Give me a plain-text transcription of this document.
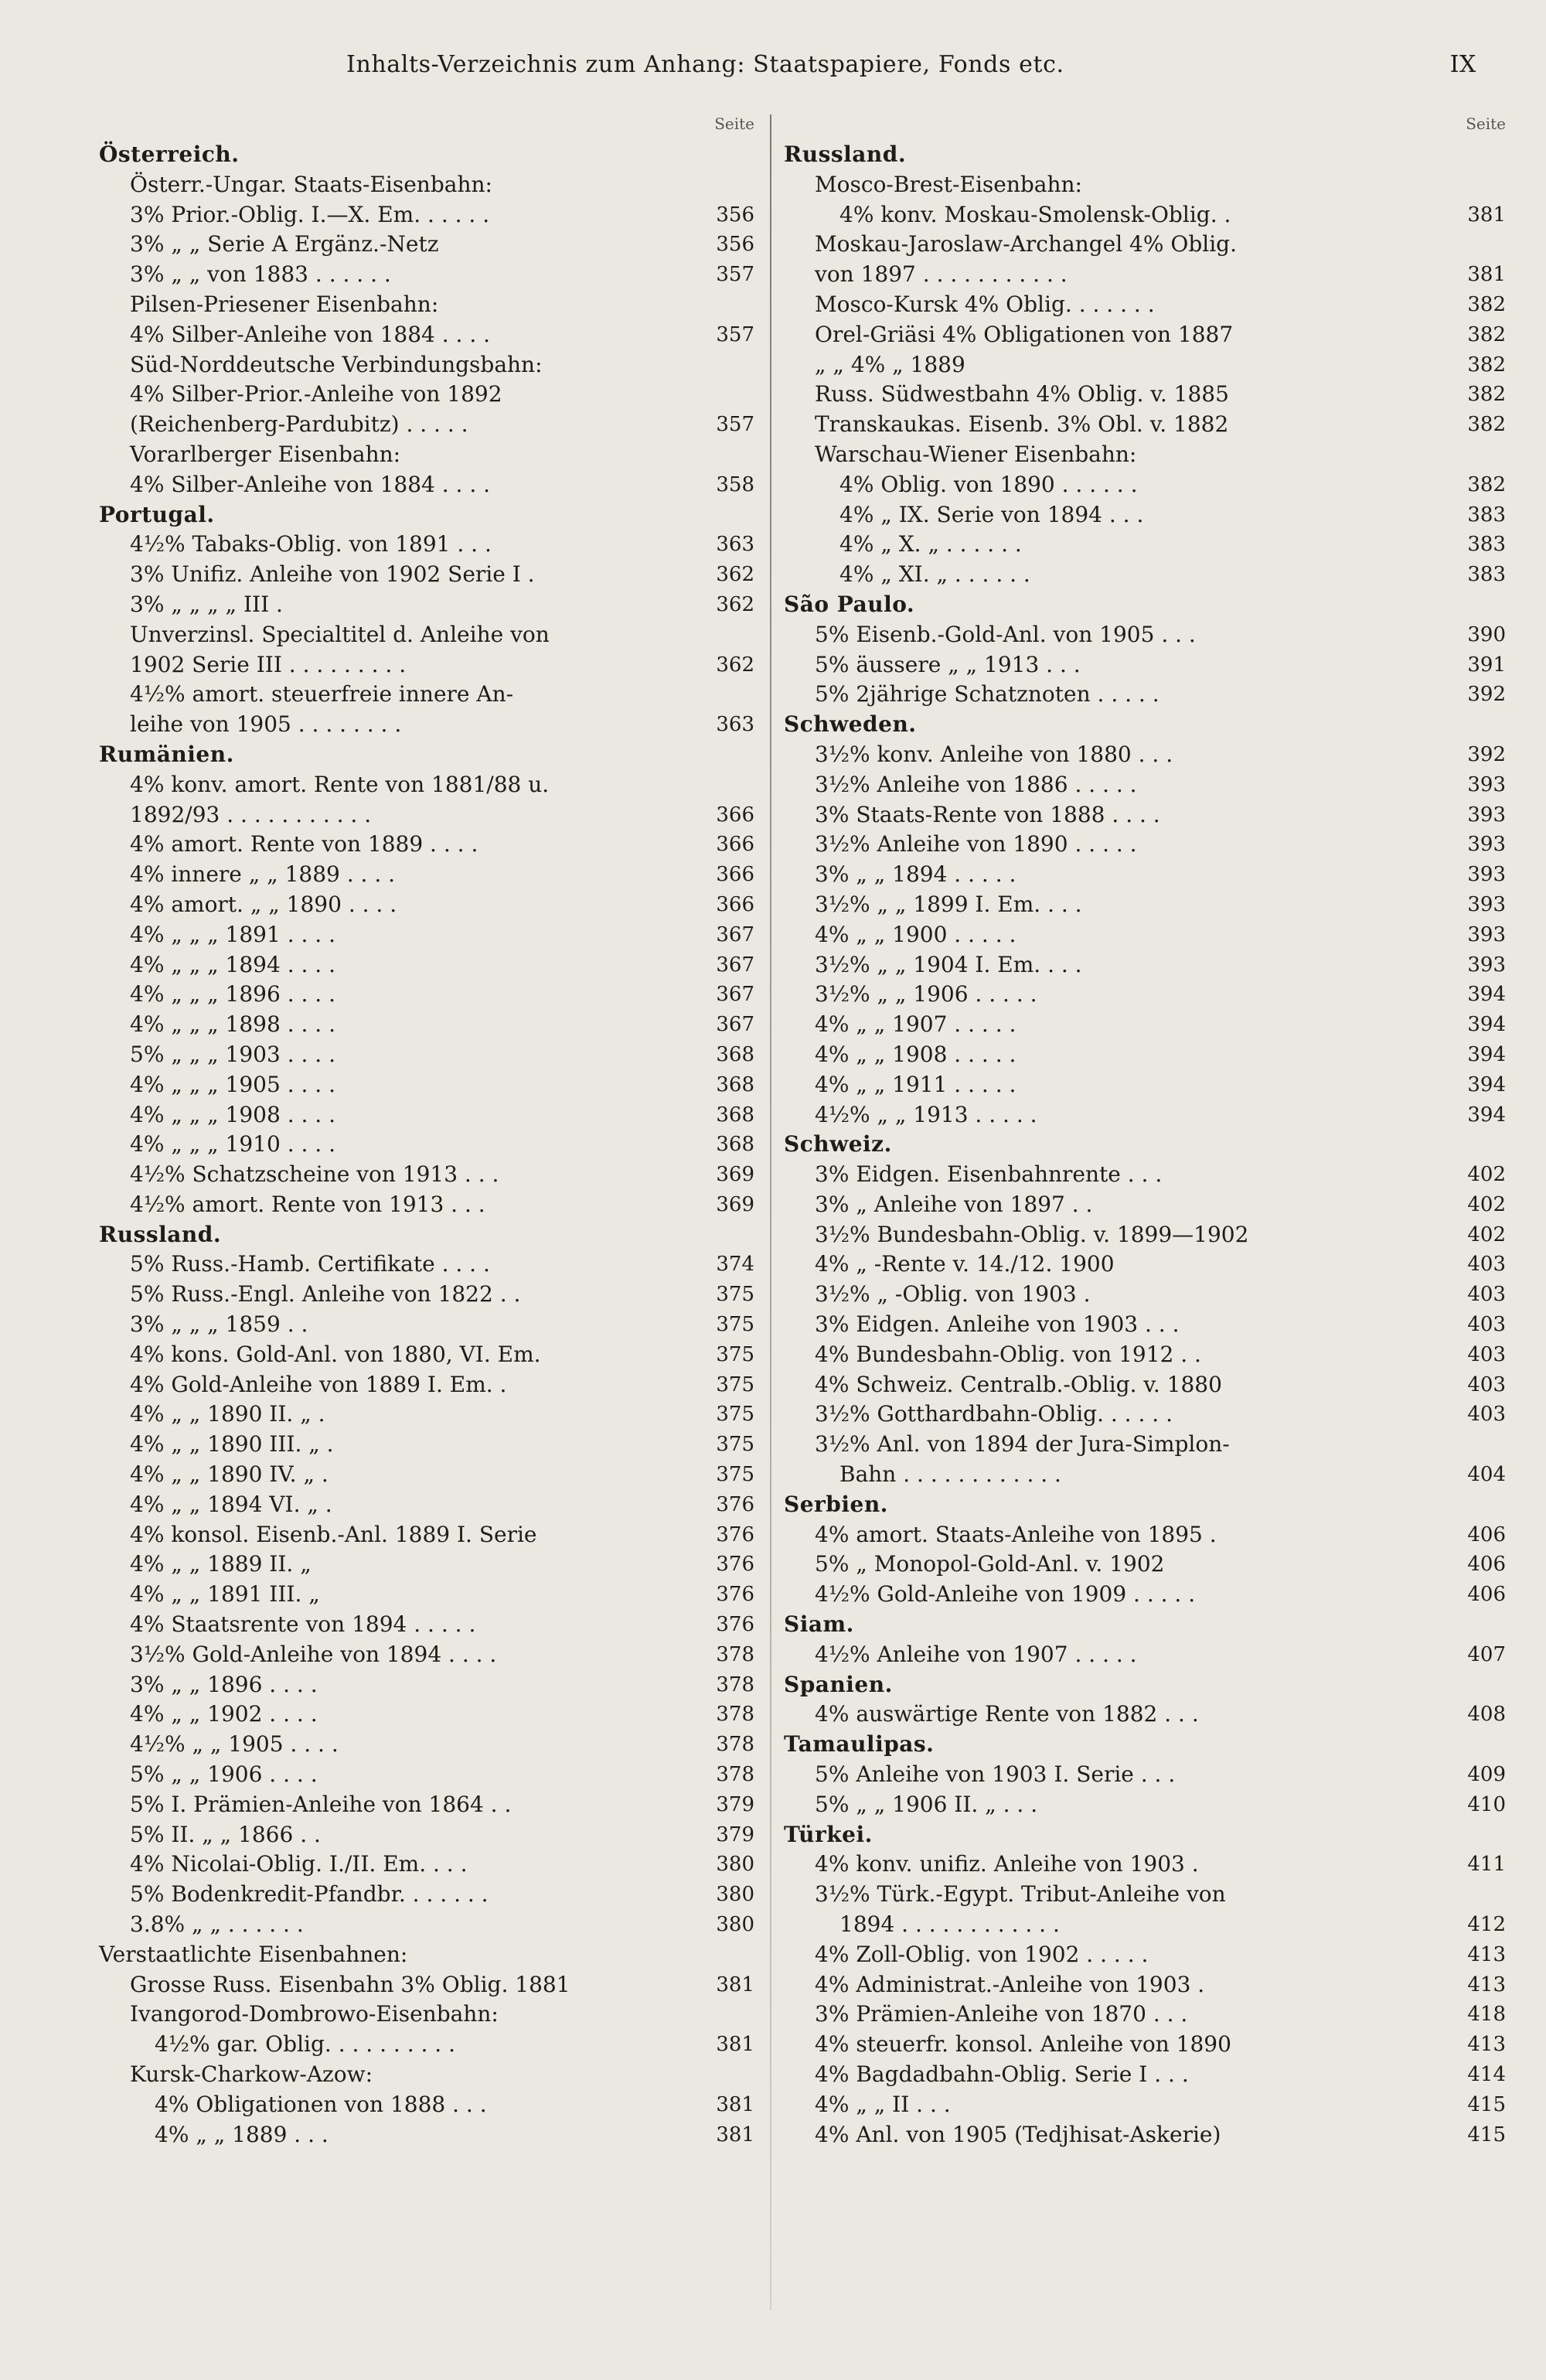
Inhalts-Verzeichnis zum Anhang: Staatspapiere, Fonds etc.	IX
Seite
Österreich.
Österr.-Ungar. Staats-Eisenbahn:
3% Prior.-Oblig. I.—X. Em. . . . . .	356
3% „ „ Serie A Ergänz.-Netz	356
3% „ „ von 1883 . . . . . .	357
Pilsen-Priesener Eisenbahn:
4% Silber-Anleihe von 1884 . . . .	357
Süd-Norddeutsche Verbindungsbahn:
4% Silber-Prior.-Anleihe von 1892
(Reichenberg-Pardubitz) . . . . .	357
Vorarlberger Eisenbahn:
4% Silber-Anleihe von 1884 . . . .	358
Portugal.
4½% Tabaks-Oblig. von 1891 . . .	363
3% Unifiz. Anleihe von 1902 Serie I .	362
3% „ „ „ „ III .	362
Unverzinsl. Specialtitel d. Anleihe von
1902 Serie III . . . . . . . . .	362
4½% amort. steuerfreie innere An-
leihe von 1905 . . . . . . . .	363
Rumänien.
4% konv. amort. Rente von 1881/88 u.
1892/93 . . . . . . . . . . .	366
4% amort. Rente von 1889 . . . .	366
4% innere „ „ 1889 . . . .	366
4% amort. „ „ 1890 . . . .	366
4% „ „ „ 1891 . . . .	367
4% „ „ „ 1894 . . . .	367
4% „ „ „ 1896 . . . .	367
4% „ „ „ 1898 . . . .	367
5% „ „ „ 1903 . . . .	368
4% „ „ „ 1905 . . . .	368
4% „ „ „ 1908 . . . .	368
4% „ „ „ 1910 . . . .	368
4½% Schatzscheine von 1913 . . .	369
4½% amort. Rente von 1913 . . .	369
Russland.
5% Russ.-Hamb. Certifikate . . . .	374
5% Russ.-Engl. Anleihe von 1822 . .	375
3% „ „ „ 1859 . .	375
4% kons. Gold-Anl. von 1880, VI. Em.	375
4% Gold-Anleihe von 1889 I. Em. .	375
4% „ „ 1890 II. „ .	375
4% „ „ 1890 III. „ .	375
4% „ „ 1890 IV. „ .	375
4% „ „ 1894 VI. „ .	376
4% konsol. Eisenb.-Anl. 1889 I. Serie	376
4% „ „ 1889 II. „	376
4% „ „ 1891 III. „	376
4% Staatsrente von 1894 . . . . .	376
3½% Gold-Anleihe von 1894 . . . .	378
3% „ „ 1896 . . . .	378
4% „ „ 1902 . . . .	378
4½% „ „ 1905 . . . .	378
5% „ „ 1906 . . . .	378
5% I. Prämien-Anleihe von 1864 . .	379
5% II. „ „ 1866 . .	379
4% Nicolai-Oblig. I./II. Em. . . .	380
5% Bodenkredit-Pfandbr. . . . . . .	380
3.8% „ „ . . . . . .	380
Verstaatlichte Eisenbahnen:
Grosse Russ. Eisenbahn 3% Oblig. 1881	381
Ivangorod-Dombrowo-Eisenbahn:
4½% gar. Oblig. . . . . . . . . .	381
Kursk-Charkow-Azow:
4% Obligationen von 1888 . . .	381
4% „ „ 1889 . . .	381
Seite
Russland.
Mosco-Brest-Eisenbahn:
4% konv. Moskau-Smolensk-Oblig. .	381
Moskau-Jaroslaw-Archangel 4% Oblig.
von 1897 . . . . . . . . . . .	381
Mosco-Kursk 4% Oblig. . . . . . .	382
Orel-Griäsi 4% Obligationen von 1887	382
„ „ 4% „ 1889	382
Russ. Südwestbahn 4% Oblig. v. 1885	382
Transkaukas. Eisenb. 3% Obl. v. 1882	382
Warschau-Wiener Eisenbahn:
4% Oblig. von 1890 . . . . . .	382
4% „ IX. Serie von 1894 . . .	383
4% „ X. „ . . . . . .	383
4% „ XI. „ . . . . . .	383
São Paulo.
5% Eisenb.-Gold-Anl. von 1905 . . .	390
5% äussere „ „ 1913 . . .	391
5% 2jährige Schatznoten . . . . .	392
Schweden.
3½% konv. Anleihe von 1880 . . .	392
3½% Anleihe von 1886 . . . . .	393
3% Staats-Rente von 1888 . . . .	393
3½% Anleihe von 1890 . . . . .	393
3% „ „ 1894 . . . . .	393
3½% „ „ 1899 I. Em. . . .	393
4% „ „ 1900 . . . . .	393
3½% „ „ 1904 I. Em. . . .	393
3½% „ „ 1906 . . . . .	394
4% „ „ 1907 . . . . .	394
4% „ „ 1908 . . . . .	394
4% „ „ 1911 . . . . .	394
4½% „ „ 1913 . . . . .	394
Schweiz.
3% Eidgen. Eisenbahnrente . . .	402
3% „ Anleihe von 1897 . .	402
3½% Bundesbahn-Oblig. v. 1899—1902	402
4% „ -Rente v. 14./12. 1900	403
3½% „ -Oblig. von 1903 .	403
3% Eidgen. Anleihe von 1903 . . .	403
4% Bundesbahn-Oblig. von 1912 . .	403
4% Schweiz. Centralb.-Oblig. v. 1880	403
3½% Gotthardbahn-Oblig. . . . . .	403
3½% Anl. von 1894 der Jura-Simplon-
Bahn . . . . . . . . . . . .	404
Serbien.
4% amort. Staats-Anleihe von 1895 .	406
5% „ Monopol-Gold-Anl. v. 1902	406
4½% Gold-Anleihe von 1909 . . . . .	406
Siam.
4½% Anleihe von 1907 . . . . .	407
Spanien.
4% auswärtige Rente von 1882 . . .	408
Tamaulipas.
5% Anleihe von 1903 I. Serie . . .	409
5% „ „ 1906 II. „ . . .	410
Türkei.
4% konv. unifiz. Anleihe von 1903 .	411
3½% Türk.-Egypt. Tribut-Anleihe von
1894 . . . . . . . . . . . .	412
4% Zoll-Oblig. von 1902 . . . . .	413
4% Administrat.-Anleihe von 1903 .	413
3% Prämien-Anleihe von 1870 . . .	418
4% steuerfr. konsol. Anleihe von 1890	413
4% Bagdadbahn-Oblig. Serie I . . .	414
4% „ „ II . . .	415
4% Anl. von 1905 (Tedjhisat-Askerie)	415
